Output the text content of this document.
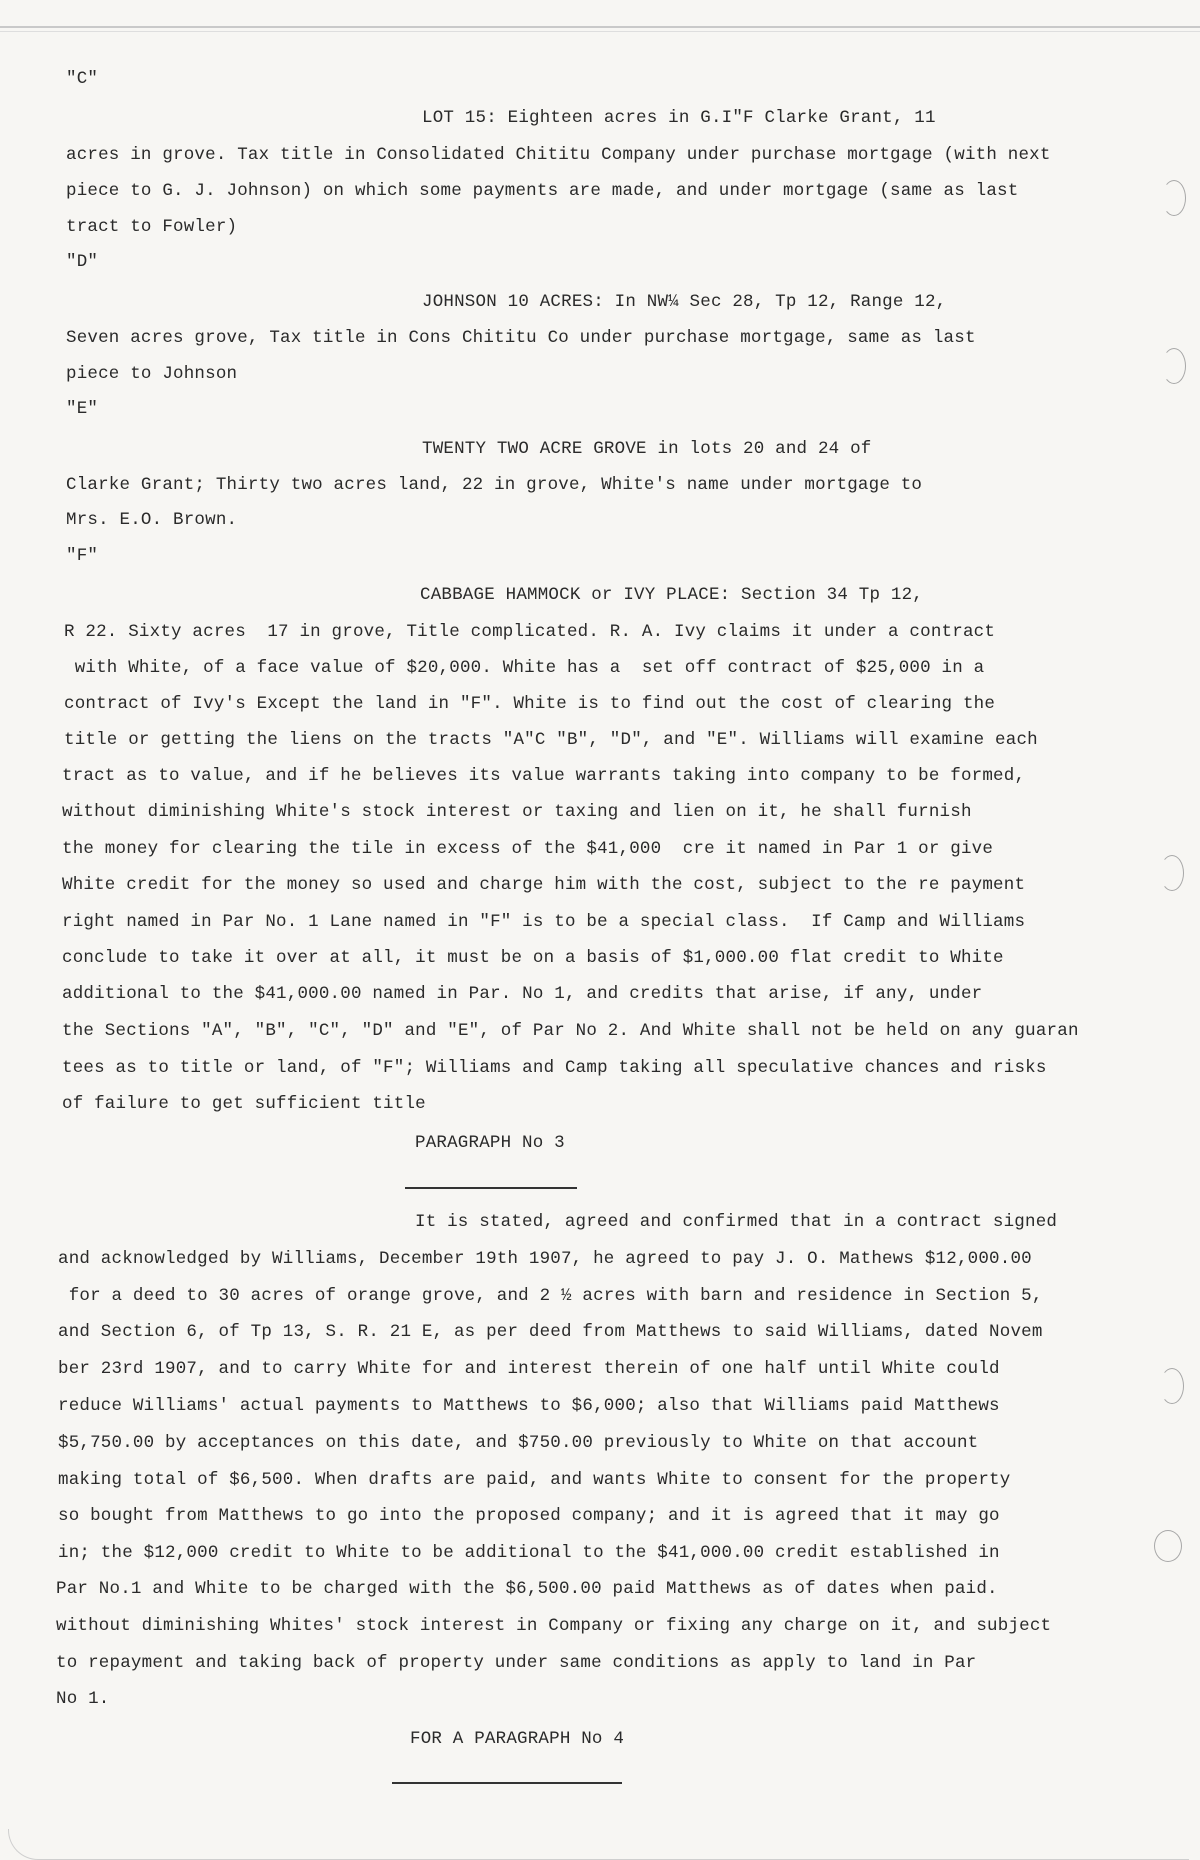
"C"
LOT 15: Eighteen acres in G.I"F Clarke Grant, 11
acres in grove. Tax title in Consolidated Chititu Company under purchase mortgage (with next
piece to G. J. Johnson) on which some payments are made, and under mortgage (same as last
tract to Fowler)
"D"
JOHNSON 10 ACRES: In NW¼ Sec 28, Tp 12, Range 12,
Seven acres grove, Tax title in Cons Chititu Co under purchase mortgage, same as last
piece to Johnson
"E"
TWENTY TWO ACRE GROVE in lots 20 and 24 of
Clarke Grant; Thirty two acres land, 22 in grove, White's name under mortgage to
Mrs. E.O. Brown.
"F"
CABBAGE HAMMOCK or IVY PLACE: Section 34 Tp 12,
R 22. Sixty acres  17 in grove, Title complicated. R. A. Ivy claims it under a contract
with White, of a face value of $20,000. White has a  set off contract of $25,000 in a
contract of Ivy's Except the land in "F". White is to find out the cost of clearing the
title or getting the liens on the tracts "A"C "B", "D", and "E". Williams will examine each
tract as to value, and if he believes its value warrants taking into company to be formed,
without diminishing White's stock interest or taxing and lien on it, he shall furnish
the money for clearing the tile in excess of the $41,000  cre it named in Par 1 or give
White credit for the money so used and charge him with the cost, subject to the re payment
right named in Par No. 1 Lane named in "F" is to be a special class.  If Camp and Williams
conclude to take it over at all, it must be on a basis of $1,000.00 flat credit to White
additional to the $41,000.00 named in Par. No 1, and credits that arise, if any, under
the Sections "A", "B", "C", "D" and "E", of Par No 2. And White shall not be held on any guaran
tees as to title or land, of "F"; Williams and Camp taking all speculative chances and risks
of failure to get sufficient title
PARAGRAPH No 3
It is stated, agreed and confirmed that in a contract signed
and acknowledged by Williams, December 19th 1907, he agreed to pay J. O. Mathews $12,000.00
for a deed to 30 acres of orange grove, and 2 ½ acres with barn and residence in Section 5,
and Section 6, of Tp 13, S. R. 21 E, as per deed from Matthews to said Williams, dated Novem
ber 23rd 1907, and to carry White for and interest therein of one half until White could
reduce Williams' actual payments to Matthews to $6,000; also that Williams paid Matthews
$5,750.00 by acceptances on this date, and $750.00 previously to White on that account
making total of $6,500. When drafts are paid, and wants White to consent for the property
so bought from Matthews to go into the proposed company; and it is agreed that it may go
in; the $12,000 credit to White to be additional to the $41,000.00 credit established in
Par No.1 and White to be charged with the $6,500.00 paid Matthews as of dates when paid.
without diminishing Whites' stock interest in Company or fixing any charge on it, and subject
to repayment and taking back of property under same conditions as apply to land in Par
No 1.
FOR A PARAGRAPH No 4
